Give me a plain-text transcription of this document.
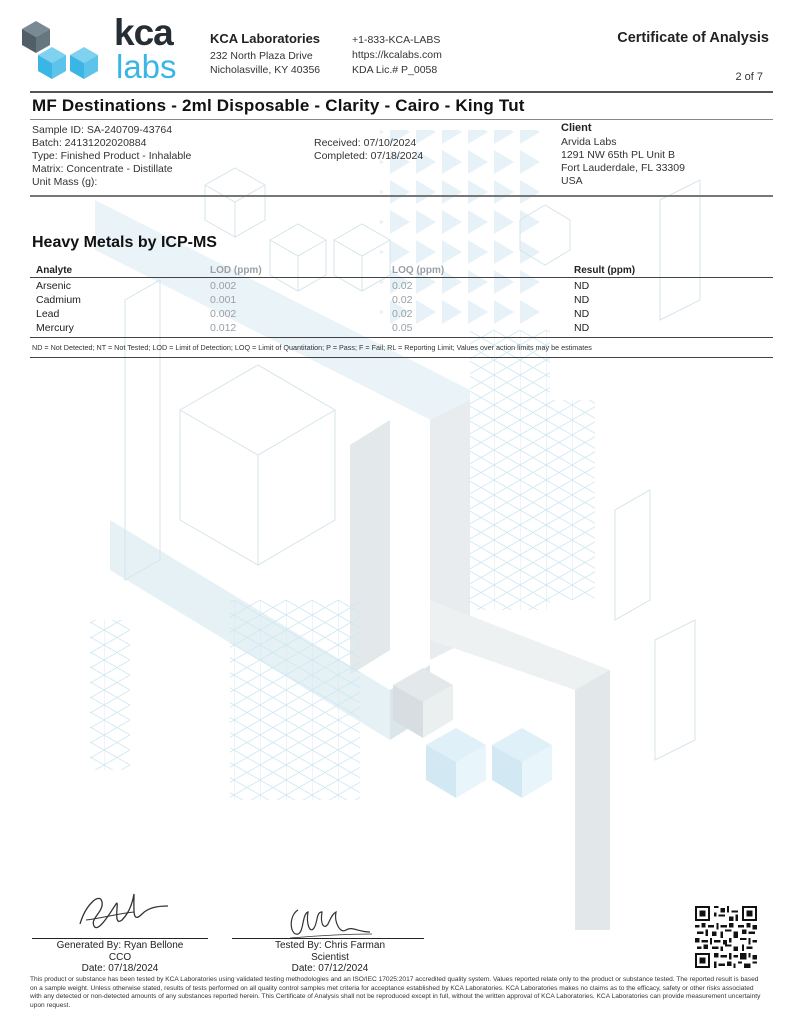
kca
labs
KCA Laboratories
232 North Plaza Drive
Nicholasville, KY 40356
+1-833-KCA-LABS
https://kcalabs.com
KDA Lic.# P_0058
Certificate of Analysis
2 of 7
MF Destinations - 2ml Disposable - Clarity - Cairo - King Tut
Sample ID: SA-240709-43764
Batch: 24131202020884
Type: Finished Product - Inhalable
Matrix: Concentrate - Distillate
Unit Mass (g):
Received: 07/10/2024
Completed: 07/18/2024
Client
Arvida Labs
1291 NW 65th PL Unit B
Fort Lauderdale, FL 33309
USA
Heavy Metals by ICP-MS
Analyte	LOD (ppm)	LOQ (ppm)	Result (ppm)
Arsenic	0.002	0.02	ND
Cadmium	0.001	0.02	ND
Lead	0.002	0.02	ND
Mercury	0.012	0.05	ND
ND = Not Detected; NT = Not Tested; LOD = Limit of Detection; LOQ = Limit of Quantitation; P = Pass; F = Fail; RL = Reporting Limit; Values over action limits may be estimates
Generated By: Ryan Bellone
CCO
Date: 07/18/2024
Tested By: Chris Farman
Scientist
Date: 07/12/2024
This product or substance has been tested by KCA Laboratories using validated testing methodologies and an ISO/IEC 17025:2017 accredited quality system. Values reported relate only to the product or substance tested. The reported result is based on a sample weight. Unless otherwise stated, results of tests performed on all quality control samples met criteria for acceptance established by KCA Laboratories. KCA Laboratories makes no claims as to the efficacy, safety or other risks associated with any detected or non-detected amounts of any substances reported herein. This Certificate of Analysis shall not be reproduced except in full, without the written approval of KCA Laboratories. KCA Laboratories can provide measurement uncertainty upon request.
